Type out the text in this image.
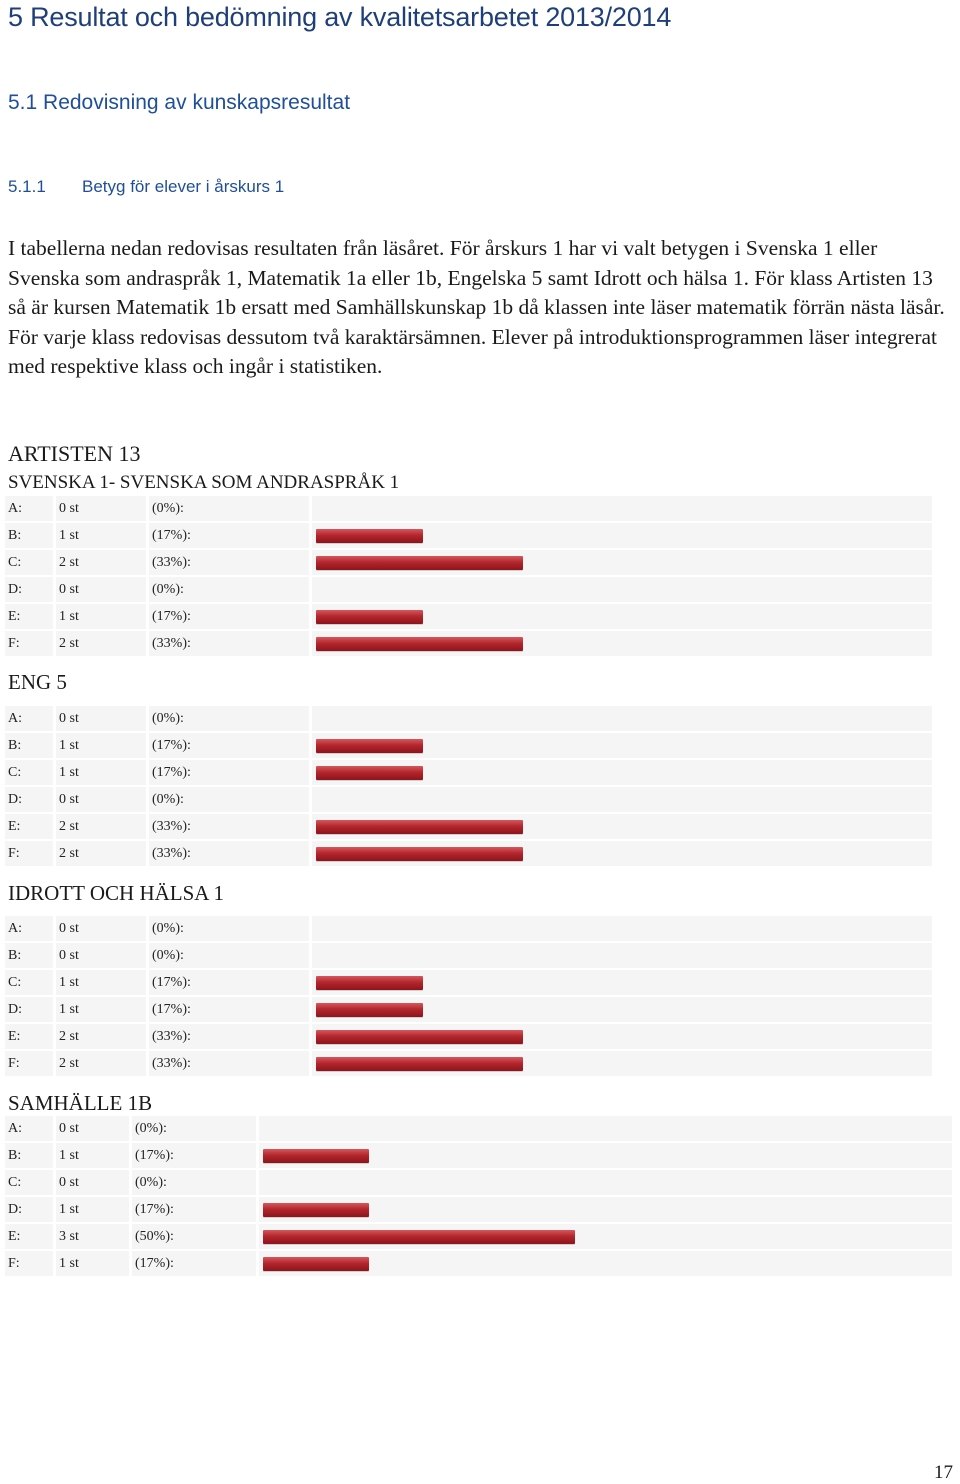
5 Resultat och bedömning av kvalitetsarbetet 2013/2014
5.1 Redovisning av kunskapsresultat
5.1.1 Betyg för elever i årskurs 1

I tabellerna nedan redovisas resultaten från läsåret. För årskurs 1 har vi valt betygen i Svenska 1 eller Svenska som andraspråk 1, Matematik 1a eller 1b, Engelska 5 samt Idrott och hälsa 1. För klass Artisten 13 så är kursen Matematik 1b ersatt med Samhällskunskap 1b då klassen inte läser matematik förrän nästa läsår. För varje klass redovisas dessutom två karaktärsämnen. Elever på introduktionsprogrammen läser integrerat med respektive klass och ingår i statistiken.

ARTISTEN 13
SVENSKA 1- SVENSKA SOM ANDRASPRÅK 1
A:	0 st	(0%):	
B:	1 st	(17%):	

C:	2 st	(33%):	

D:	0 st	(0%):	
E:	1 st	(17%):	

F:	2 st	(33%):	
ENG 5
A:	0 st	(0%):	
B:	1 st	(17%):	

C:	1 st	(17%):	

D:	0 st	(0%):	
E:	2 st	(33%):	

F:	2 st	(33%):	
IDROTT OCH HÄLSA 1
A:	0 st	(0%):	
B:	0 st	(0%):	
C:	1 st	(17%):	

D:	1 st	(17%):	

E:	2 st	(33%):	

F:	2 st	(33%):	
SAMHÄLLE 1B
A:	0 st	(0%):	
B:	1 st	(17%):	

C:	0 st	(0%):	
D:	1 st	(17%):	

E:	3 st	(50%):	

F:	1 st	(17%):	
17
